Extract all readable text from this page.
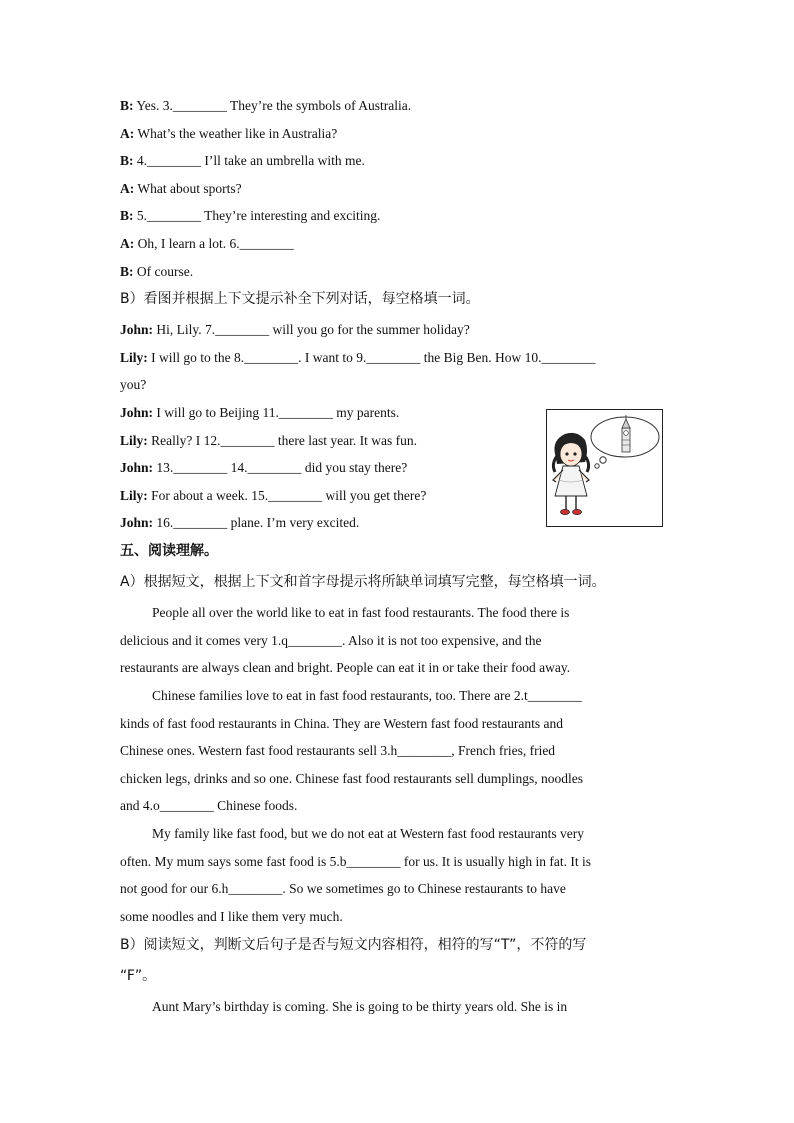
B: Yes. 3.________ They’re the symbols of Australia.
A: What’s the weather like in Australia?
B: 4.________ I’ll take an umbrella with me.
A: What about sports?
B: 5.________ They’re interesting and exciting.
A: Oh, I learn a lot. 6.________
B: Of course.
B）看图并根据上下文提示补全下列对话，每空格填一词。
John: Hi, Lily. 7.________ will you go for the summer holiday?
Lily: I will go to the 8.________. I want to 9.________ the Big Ben. How 10.________
you?
John: I will go to Beijing 11.________ my parents.
Lily: Really? I 12.________ there last year. It was fun.
John: 13.________ 14.________ did you stay there?
Lily: For about a week. 15.________ will you get there?
John: 16.________ plane. I’m very excited.
五、阅读理解。
A）根据短文，根据上下文和首字母提示将所缺单词填写完整，每空格填一词。
People all over the world like to eat in fast food restaurants. The food there is
delicious and it comes very 1.q________. Also it is not too expensive, and the
restaurants are always clean and bright. People can eat it in or take their food away.
Chinese families love to eat in fast food restaurants, too. There are 2.t________
kinds of fast food restaurants in China. They are Western fast food restaurants and
Chinese ones. Western fast food restaurants sell 3.h________, French fries, fried
chicken legs, drinks and so one. Chinese fast food restaurants sell dumplings, noodles
and 4.o________ Chinese foods.
My family like fast food, but we do not eat at Western fast food restaurants very
often. My mum says some fast food is 5.b________ for us. It is usually high in fat. It is
not good for our 6.h________. So we sometimes go to Chinese restaurants to have
some noodles and I like them very much.
B）阅读短文，判断文后句子是否与短文内容相符，相符的写“T”，不符的写
“F”。
Aunt Mary’s birthday is coming. She is going to be thirty years old. She is in
